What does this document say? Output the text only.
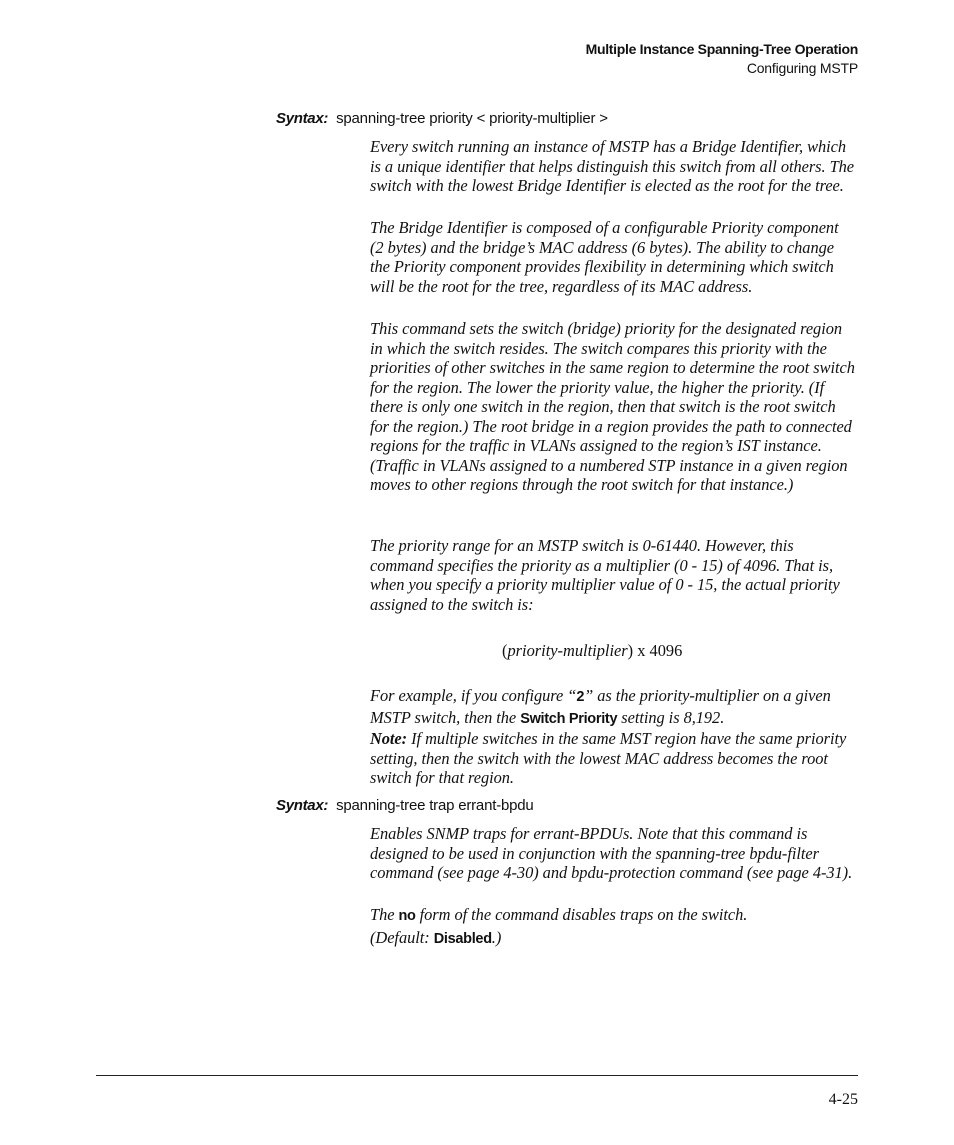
Multiple Instance Spanning-Tree Operation
Configuring MSTP
Syntax: spanning-tree priority < priority-multiplier >

Every switch running an instance of MSTP has a Bridge Identifier, which is a unique identifier that helps distinguish this switch from all others. The switch with the lowest Bridge Identifier is elected as the root for the tree.

The Bridge Identifier is composed of a configurable Priority component (2 bytes) and the bridge’s MAC address (6 bytes). The ability to change the Priority component provides flexibility in determining which switch will be the root for the tree, regardless of its MAC address.

This command sets the switch (bridge) priority for the designated region in which the switch resides. The switch compares this priority with the priorities of other switches in the same region to determine the root switch for the region. The lower the priority value, the higher the priority. (If there is only one switch in the region, then that switch is the root switch for the region.) The root bridge in a region provides the path to connected regions for the traffic in VLANs assigned to the region’s IST instance. (Traffic in VLANs assigned to a numbered STP instance in a given region moves to other regions through the root switch for that instance.)

The priority range for an MSTP switch is 0-61440. However, this command specifies the priority as a multiplier (0 - 15) of 4096. That is, when you specify a priority multiplier value of 0 - 15, the actual priority assigned to the switch is:

(priority-multiplier) x 4096

For example, if you configure “2” as the priority-multiplier on a given MSTP switch, then the Switch Priority setting is 8,192.

Note: If multiple switches in the same MST region have the same priority setting, then the switch with the lowest MAC address becomes the root switch for that region.

Syntax: spanning-tree trap errant-bpdu

Enables SNMP traps for errant-BPDUs. Note that this command is designed to be used in conjunction with the spanning-tree bpdu-filter command (see page 4-30) and bpdu-protection command (see page 4-31).

The no form of the command disables traps on the switch.

(Default: Disabled.)

4-25
